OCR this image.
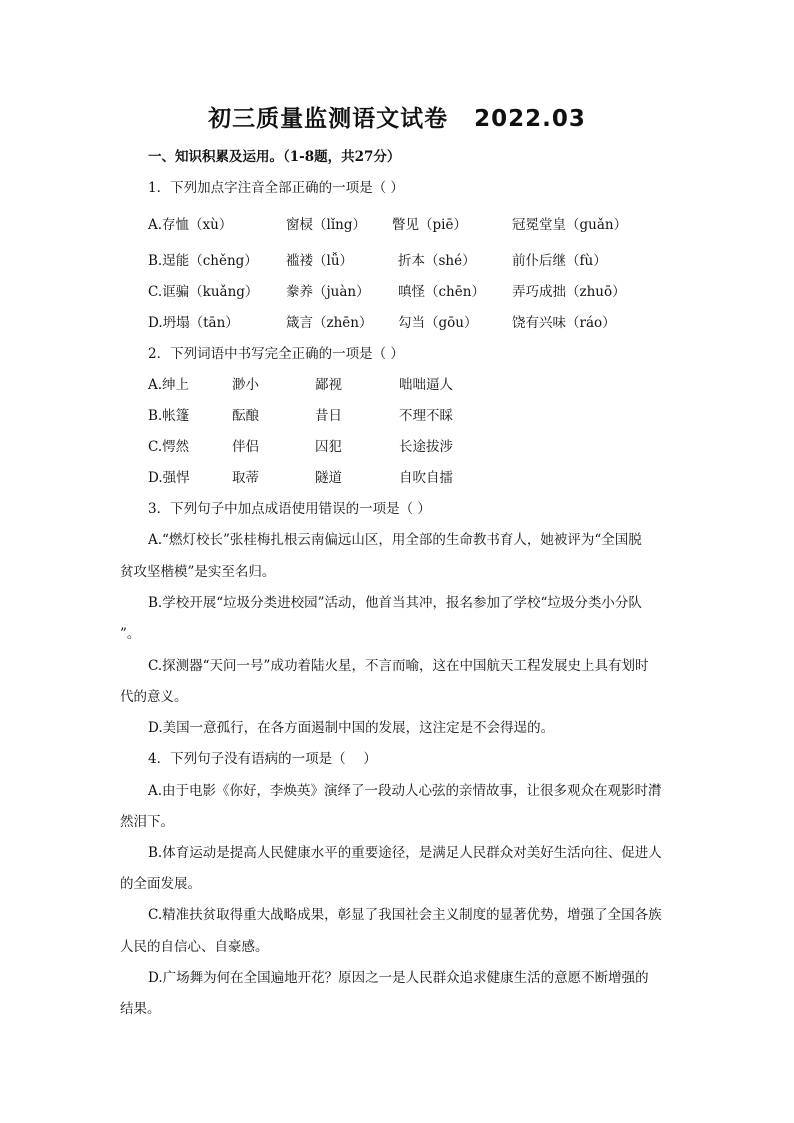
初三质量监测语文试卷 2022.03
一、知识积累及运用。（1-8题，共27分）
1．下列加点字注音全部正确的一项是（ ）
A.存恤（xù）	窗棂（lǐng） 瞥见（piē）	冠冕堂皇（guǎn）
B.逞能（chěng） 褴褛（lǚ）	折本（shé）	前仆后继（fù）
C.诓骗（kuǎng） 豢养（juàn） 嗔怪（chēn） 弄巧成拙（zhuō）
D.坍塌（tān）	箴言（zhēn） 勾当（gōu）	饶有兴味（ráo）
2．下列词语中书写完全正确的一项是（ ）
A.绅上	渺小	鄙视	咄咄逼人
B.帐篷	酝酿	昔日	不理不睬
C.愕然	伴侣	囚犯	长途拔涉
D.强悍	取蒂	隧道	自吹自擂
3．下列句子中加点成语使用错误的一项是（ ）
A.“燃灯校长”张桂梅扎根云南偏远山区，用全部的生命教书育人，她被评为“全国脱
贫攻坚楷模”是实至名归。
B.学校开展“垃圾分类进校园”活动，他首当其冲，报名参加了学校“垃圾分类小分队
”。
C.探测器“天问一号”成功着陆火星，不言而喻，这在中国航天工程发展史上具有划时
代的意义。
D.美国一意孤行，在各方面遏制中国的发展，这注定是不会得逞的。
4．下列句子没有语病的一项是（　 ）
A.由于电影《你好，李焕英》演绎了一段动人心弦的亲情故事，让很多观众在观影时潸
然泪下。
B.体育运动是提高人民健康水平的重要途径，是满足人民群众对美好生活向往、促进人
的全面发展。
C.精准扶贫取得重大战略成果，彰显了我国社会主义制度的显著优势，增强了全国各族
人民的自信心、自豪感。
D.广场舞为何在全国遍地开花？原因之一是人民群众追求健康生活的意愿不断增强的
结果。
